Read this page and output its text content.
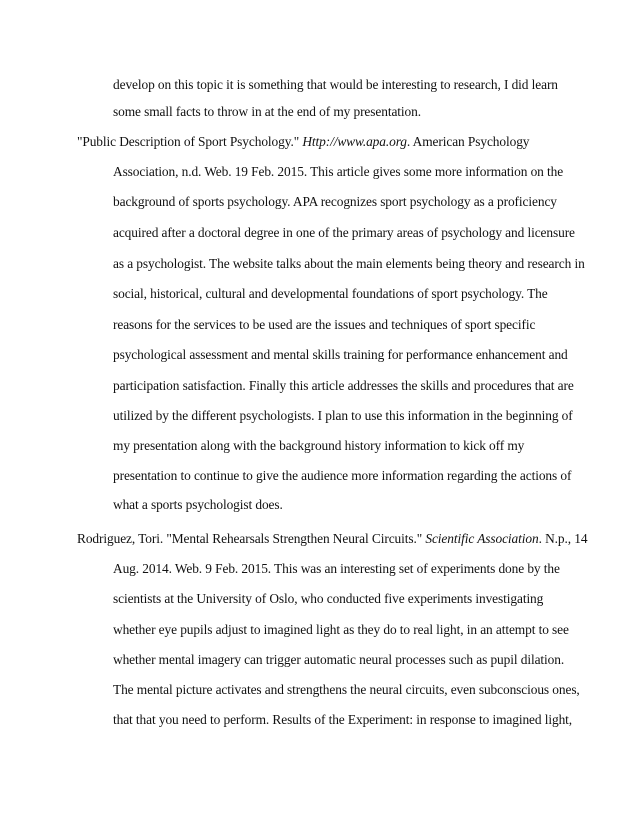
develop on this topic it is something that would be interesting to research, I did learn
some small facts to throw in at the end of my presentation.
"Public Description of Sport Psychology." Http://www.apa.org. American Psychology
Association, n.d. Web. 19 Feb. 2015. This article gives some more information on the
background of sports psychology. APA recognizes sport psychology as a proficiency
acquired after a doctoral degree in one of the primary areas of psychology and licensure
as a psychologist. The website talks about the main elements being theory and research in
social, historical, cultural and developmental foundations of sport psychology. The
reasons for the services to be used are the issues and techniques of sport specific
psychological assessment and mental skills training for performance enhancement and
participation satisfaction. Finally this article addresses the skills and procedures that are
utilized by the different psychologists. I plan to use this information in the beginning of
my presentation along with the background history information to kick off my
presentation to continue to give the audience more information regarding the actions of
what a sports psychologist does.
Rodriguez, Tori. "Mental Rehearsals Strengthen Neural Circuits." Scientific Association. N.p., 14
Aug. 2014. Web. 9 Feb. 2015. This was an interesting set of experiments done by the
scientists at the University of Oslo, who conducted five experiments investigating
whether eye pupils adjust to imagined light as they do to real light, in an attempt to see
whether mental imagery can trigger automatic neural processes such as pupil dilation.
The mental picture activates and strengthens the neural circuits, even subconscious ones,
that that you need to perform. Results of the Experiment: in response to imagined light,
